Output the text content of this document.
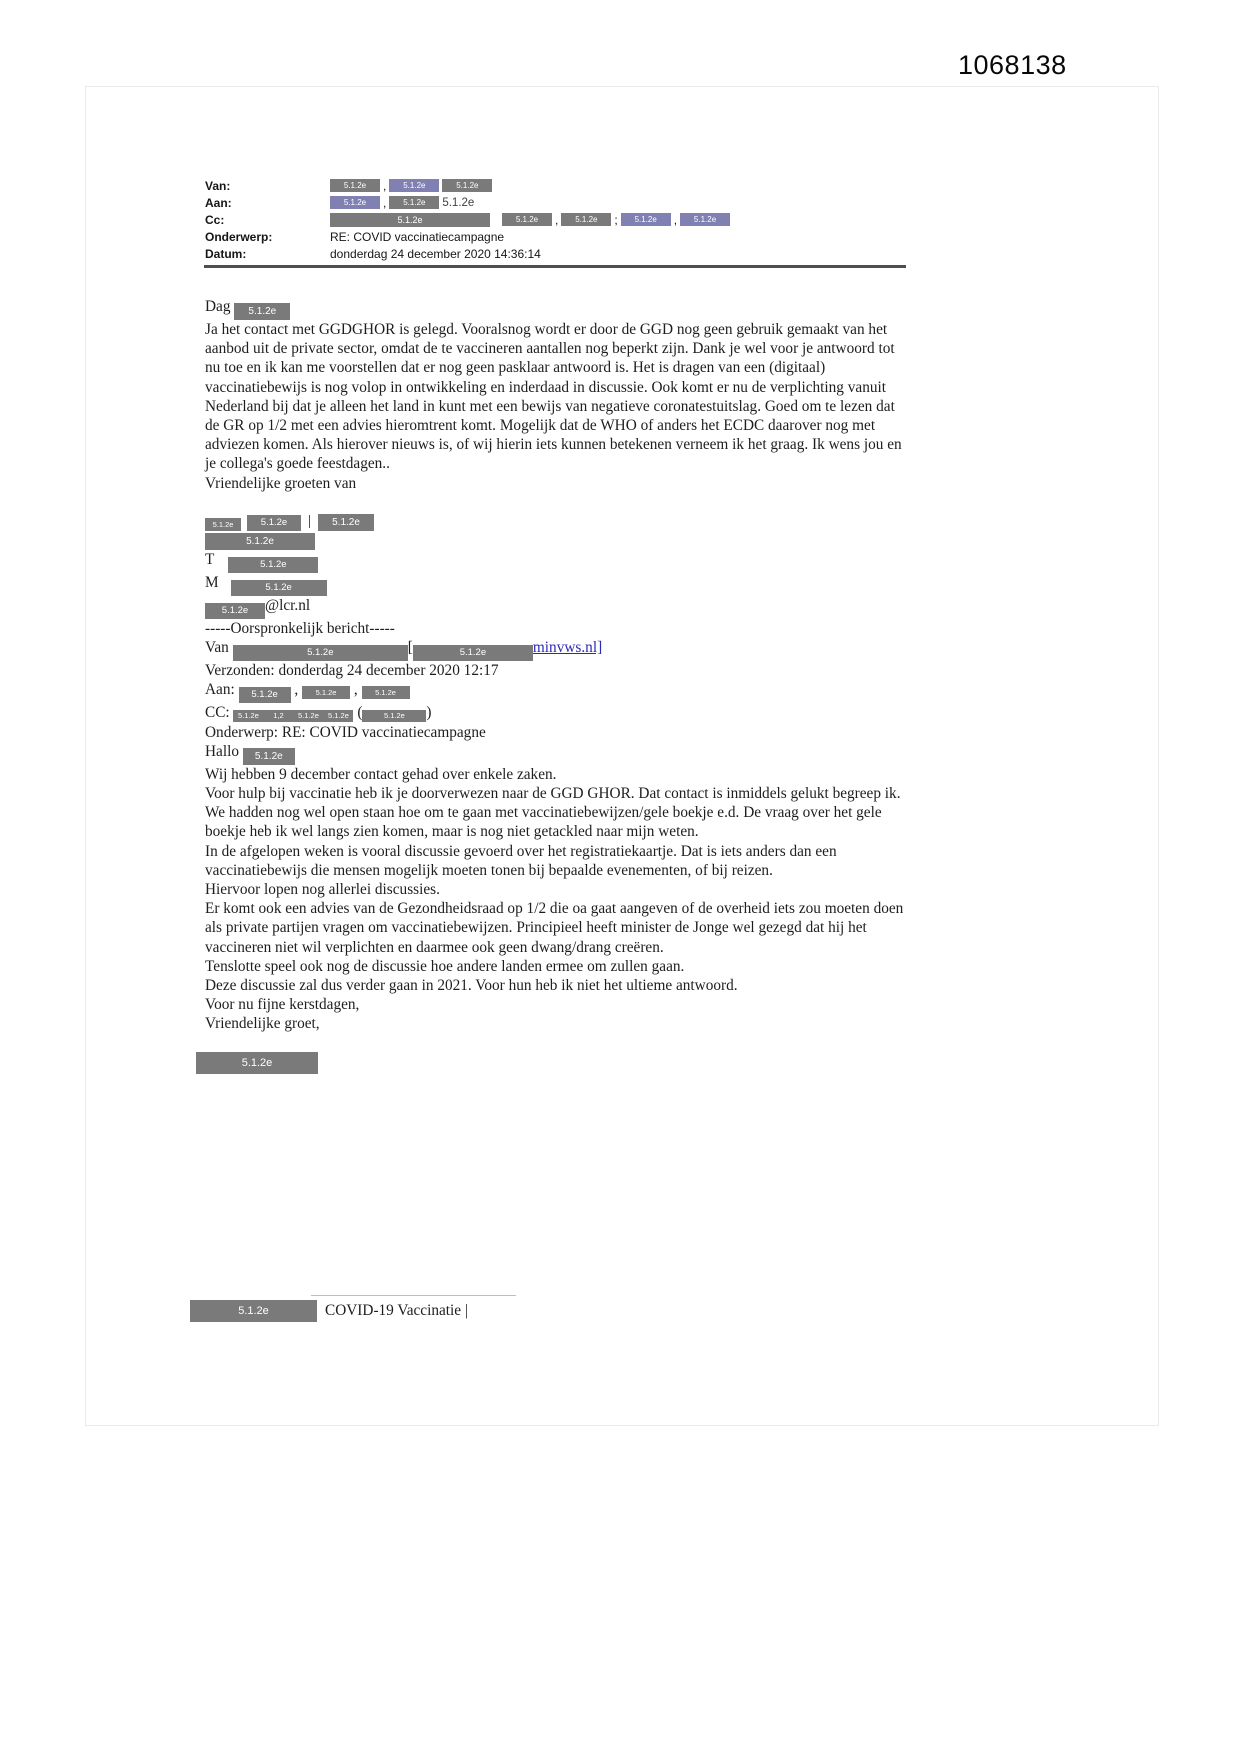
1068138
Van:	5.1.2e	,	5.1.2e	5.1.2e
Aan:	5.1.2e	,	5.1.2e	5.1.2e
Cc:	5.1.2e	5.1.2e	,	5.1.2e	;	5.1.2e	,	5.1.2e
Onderwerp:	RE: COVID vaccinatiecampagne
Datum:	donderdag 24 december 2020 14:36:14

Dag 5.1.2e

Ja het contact met GGDGHOR is gelegd. Vooralsnog wordt er door de GGD nog geen gebruik gemaakt van het aanbod uit de private sector, omdat de te vaccineren aantallen nog beperkt zijn. Dank je wel voor je antwoord tot nu toe en ik kan me voorstellen dat er nog geen pasklaar antwoord is. Het is dragen van een (digitaal) vaccinatiebewijs is nog volop in ontwikkeling en inderdaad in discussie. Ook komt er nu de verplichting vanuit Nederland bij dat je alleen het land in kunt met een bewijs van negatieve coronatestuitslag. Goed om te lezen dat de GR op 1/2 met een advies hieromtrent komt. Mogelijk dat de WHO of anders het ECDC daarover nog met adviezen komen. Als hierover nieuws is, of wij hierin iets kunnen betekenen verneem ik het graag. Ik wens jou en je collega's goede feestdagen..

Vriendelijke groeten van

5.1.2e	5.1.2e	|	5.1.2e
5.1.2e

T	5.1.2e

M	5.1.2e

5.1.2e @lcr.nl

-----Oorspronkelijk bericht-----

Van	5.1.2e	[	5.1.2e	minvws.nl]

Verzonden: donderdag 24 december 2020 12:17

Aan: 5.1.2e , 5.1.2e , 5.1.2e

CC: 5.1.2e 1,2 5.1.2e 5.1.2e (	5.1.2e )

Onderwerp: RE: COVID vaccinatiecampagne

Hallo 5.1.2e

Wij hebben 9 december contact gehad over enkele zaken.

Voor hulp bij vaccinatie heb ik je doorverwezen naar de GGD GHOR. Dat contact is inmiddels gelukt begreep ik.

We hadden nog wel open staan hoe om te gaan met vaccinatiebewijzen/gele boekje e.d. De vraag over het gele boekje heb ik wel langs zien komen, maar is nog niet getackled naar mijn weten.

In de afgelopen weken is vooral discussie gevoerd over het registratiekaartje. Dat is iets anders dan een vaccinatiebewijs die mensen mogelijk moeten tonen bij bepaalde evenementen, of bij reizen.

Hiervoor lopen nog allerlei discussies.

Er komt ook een advies van de Gezondheidsraad op 1/2 die oa gaat aangeven of de overheid iets zou moeten doen als private partijen vragen om vaccinatiebewijzen. Principieel heeft minister de Jonge wel gezegd dat hij het vaccineren niet wil verplichten en daarmee ook geen dwang/drang creëren.

Tenslotte speel ook nog de discussie hoe andere landen ermee om zullen gaan.

Deze discussie zal dus verder gaan in 2021. Voor hun heb ik niet het ultieme antwoord.

Voor nu fijne kerstdagen,

Vriendelijke groet,

5.1.2e
5.1.2e	COVID-19 Vaccinatie |
